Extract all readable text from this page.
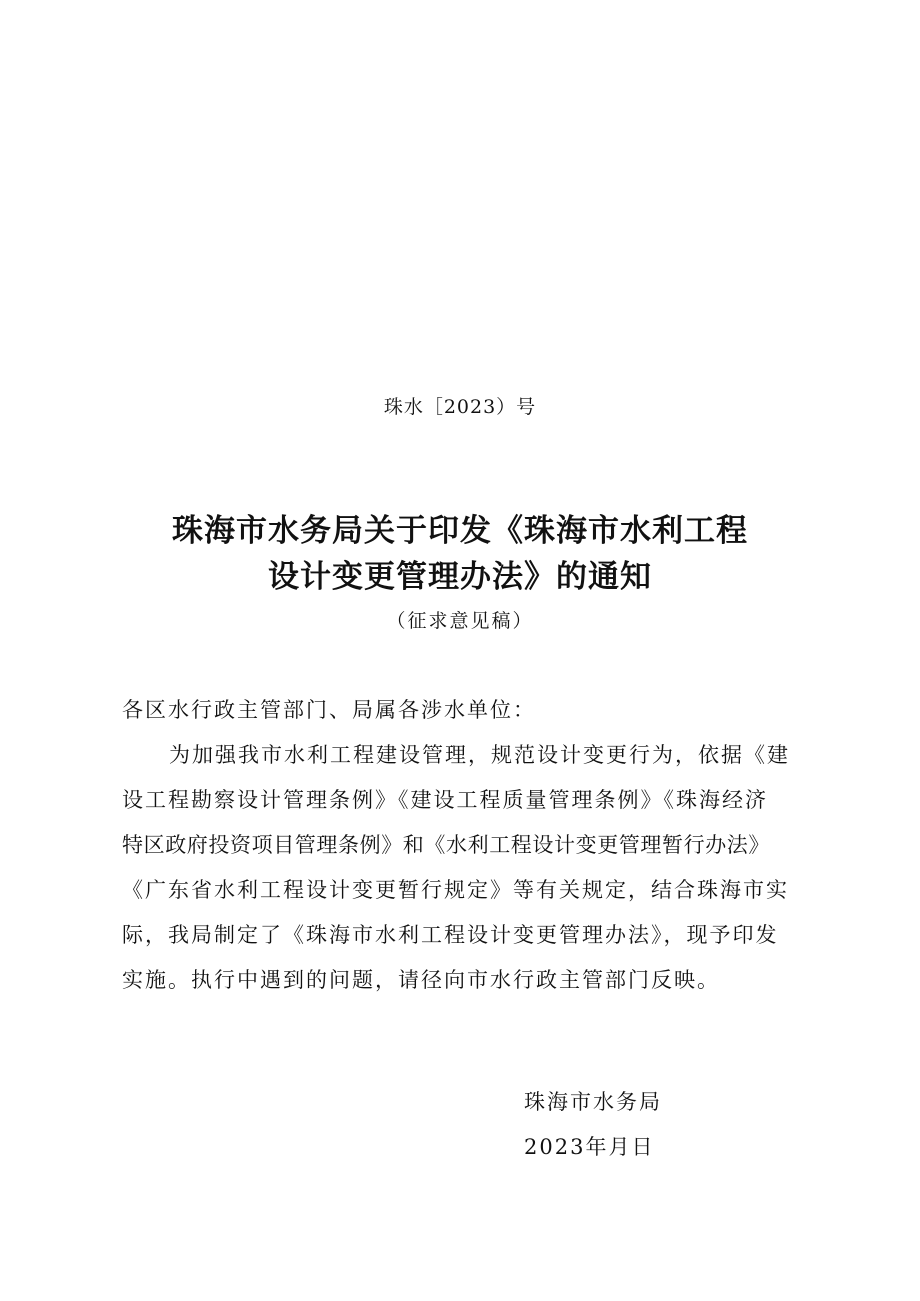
珠水［2023）号
珠海市水务局关于印发《珠海市水利工程
设计变更管理办法》的通知
（征求意见稿）
各区水行政主管部门、局属各涉水单位：
为加强我市水利工程建设管理，规范设计变更行为，依据《建
设工程勘察设计管理条例》《建设工程质量管理条例》《珠海经济
特区政府投资项目管理条例》和《水利工程设计变更管理暂行办法》
《广东省水利工程设计变更暂行规定》等有关规定，结合珠海市实
际，我局制定了《珠海市水利工程设计变更管理办法》，现予印发
实施。执行中遇到的问题，请径向市水行政主管部门反映。
珠海市水务局
2023年月日
